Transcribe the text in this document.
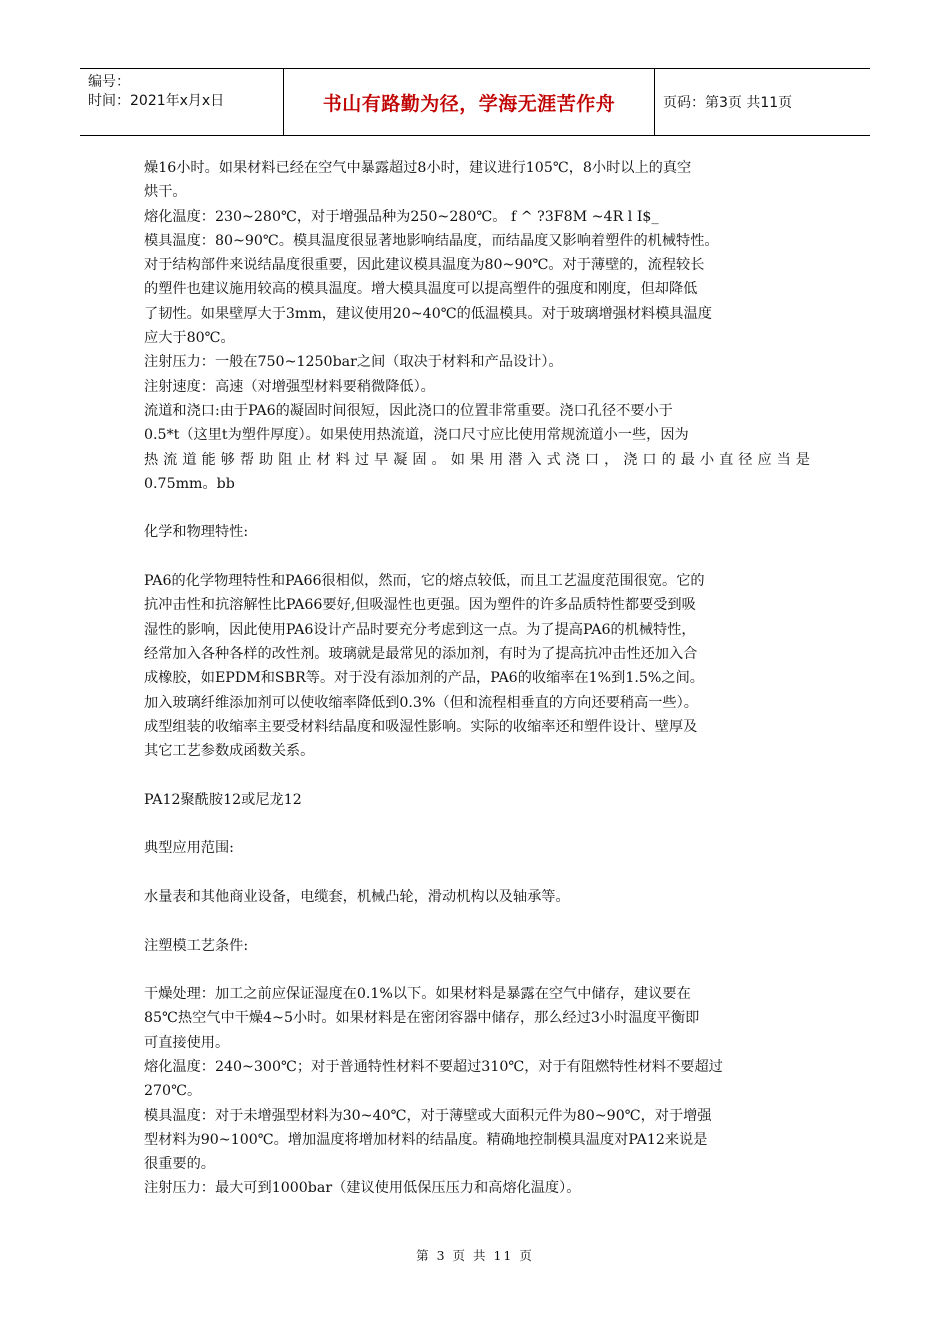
编号：
时间：2021年x月x日	书山有路勤为径，学海无涯苦作舟	页码：第3页 共11页

燥16小时。如果材料已经在空气中暴露超过8小时，建议进行105℃，8小时以上的真空

烘干。

熔化温度：230~280℃，对于增强品种为250~280℃。 f ^ ?3F8M ~4R l I$_

模具温度：80~90℃。模具温度很显著地影响结晶度，而结晶度又影响着塑件的机械特性。

对于结构部件来说结晶度很重要，因此建议模具温度为80~90℃。对于薄壁的，流程较长

的塑件也建议施用较高的模具温度。增大模具温度可以提高塑件的强度和刚度，但却降低

了韧性。如果壁厚大于3mm，建议使用20~40℃的低温模具。对于玻璃增强材料模具温度

应大于80℃。

注射压力：一般在750~1250bar之间（取决于材料和产品设计）。

注射速度：高速（对增强型材料要稍微降低）。

流道和浇口:由于PA6的凝固时间很短，因此浇口的位置非常重要。浇口孔径不要小于

0.5*t（这里t为塑件厚度）。如果使用热流道，浇口尺寸应比使用常规流道小一些，因为

热流道能够帮助阻止材料过早凝固。如果用潜入式浇口，浇口的最小直径应当是

0.75mm。bb

化学和物理特性:

PA6的化学物理特性和PA66很相似，然而，它的熔点较低，而且工艺温度范围很宽。它的

抗冲击性和抗溶解性比PA66要好,但吸湿性也更强。因为塑件的许多品质特性都要受到吸

湿性的影响，因此使用PA6设计产品时要充分考虑到这一点。为了提高PA6的机械特性，

经常加入各种各样的改性剂。玻璃就是最常见的添加剂，有时为了提高抗冲击性还加入合

成橡胶，如EPDM和SBR等。对于没有添加剂的产品，PA6的收缩率在1%到1.5%之间。

加入玻璃纤维添加剂可以使收缩率降低到0.3%（但和流程相垂直的方向还要稍高一些）。

成型组装的收缩率主要受材料结晶度和吸湿性影响。实际的收缩率还和塑件设计、壁厚及

其它工艺参数成函数关系。

PA12聚酰胺12或尼龙12

典型应用范围:

水量表和其他商业设备，电缆套，机械凸轮，滑动机构以及轴承等。

注塑模工艺条件:

干燥处理：加工之前应保证湿度在0.1%以下。如果材料是暴露在空气中储存，建议要在

85℃热空气中干燥4~5小时。如果材料是在密闭容器中储存，那么经过3小时温度平衡即

可直接使用。

熔化温度：240~300℃；对于普通特性材料不要超过310℃，对于有阻燃特性材料不要超过

270℃。

模具温度：对于未增强型材料为30~40℃，对于薄壁或大面积元件为80~90℃，对于增强

型材料为90~100℃。增加温度将增加材料的结晶度。精确地控制模具温度对PA12来说是

很重要的。

注射压力：最大可到1000bar（建议使用低保压压力和高熔化温度）。

第 3 页 共 11 页
